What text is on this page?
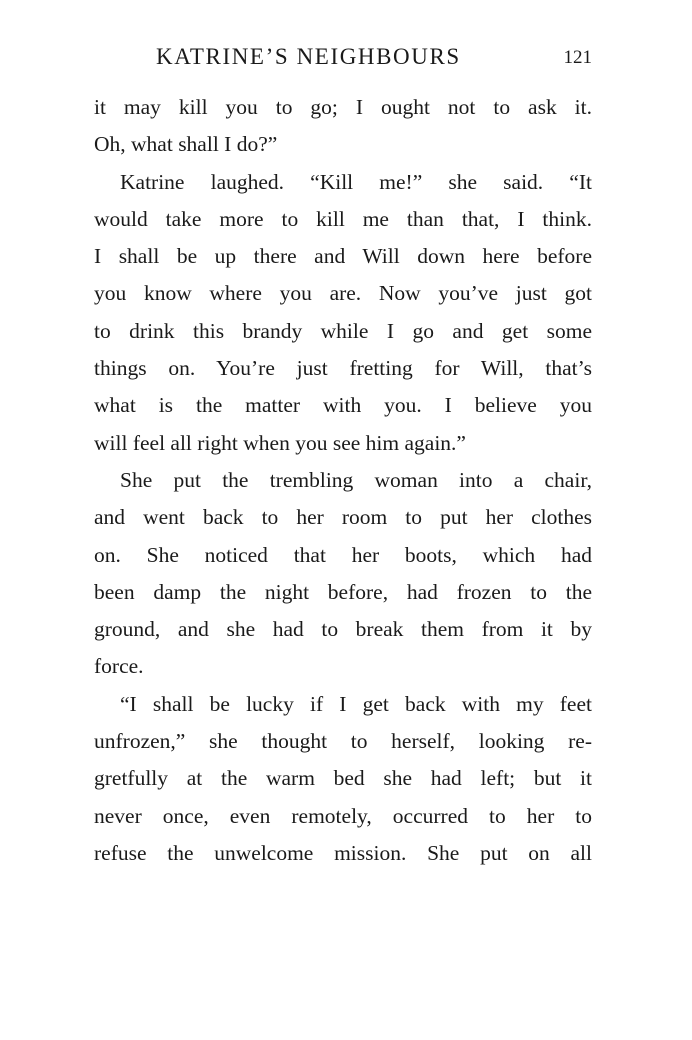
KATRINE’S NEIGHBOURS	121
it may kill you to go; I ought not to ask it.
Oh, what shall I do?”
Katrine laughed. “Kill me!” she said. “It
would take more to kill me than that, I think.
I shall be up there and Will down here before
you know where you are. Now you’ve just got
to drink this brandy while I go and get some
things on. You’re just fretting for Will, that’s
what is the matter with you. I believe you
will feel all right when you see him again.”
She put the trembling woman into a chair,
and went back to her room to put her clothes
on. She noticed that her boots, which had
been damp the night before, had frozen to the
ground, and she had to break them from it by
force.
“I shall be lucky if I get back with my feet
unfrozen,” she thought to herself, looking re-
gretfully at the warm bed she had left; but it
never once, even remotely, occurred to her to
refuse the unwelcome mission. She put on all
